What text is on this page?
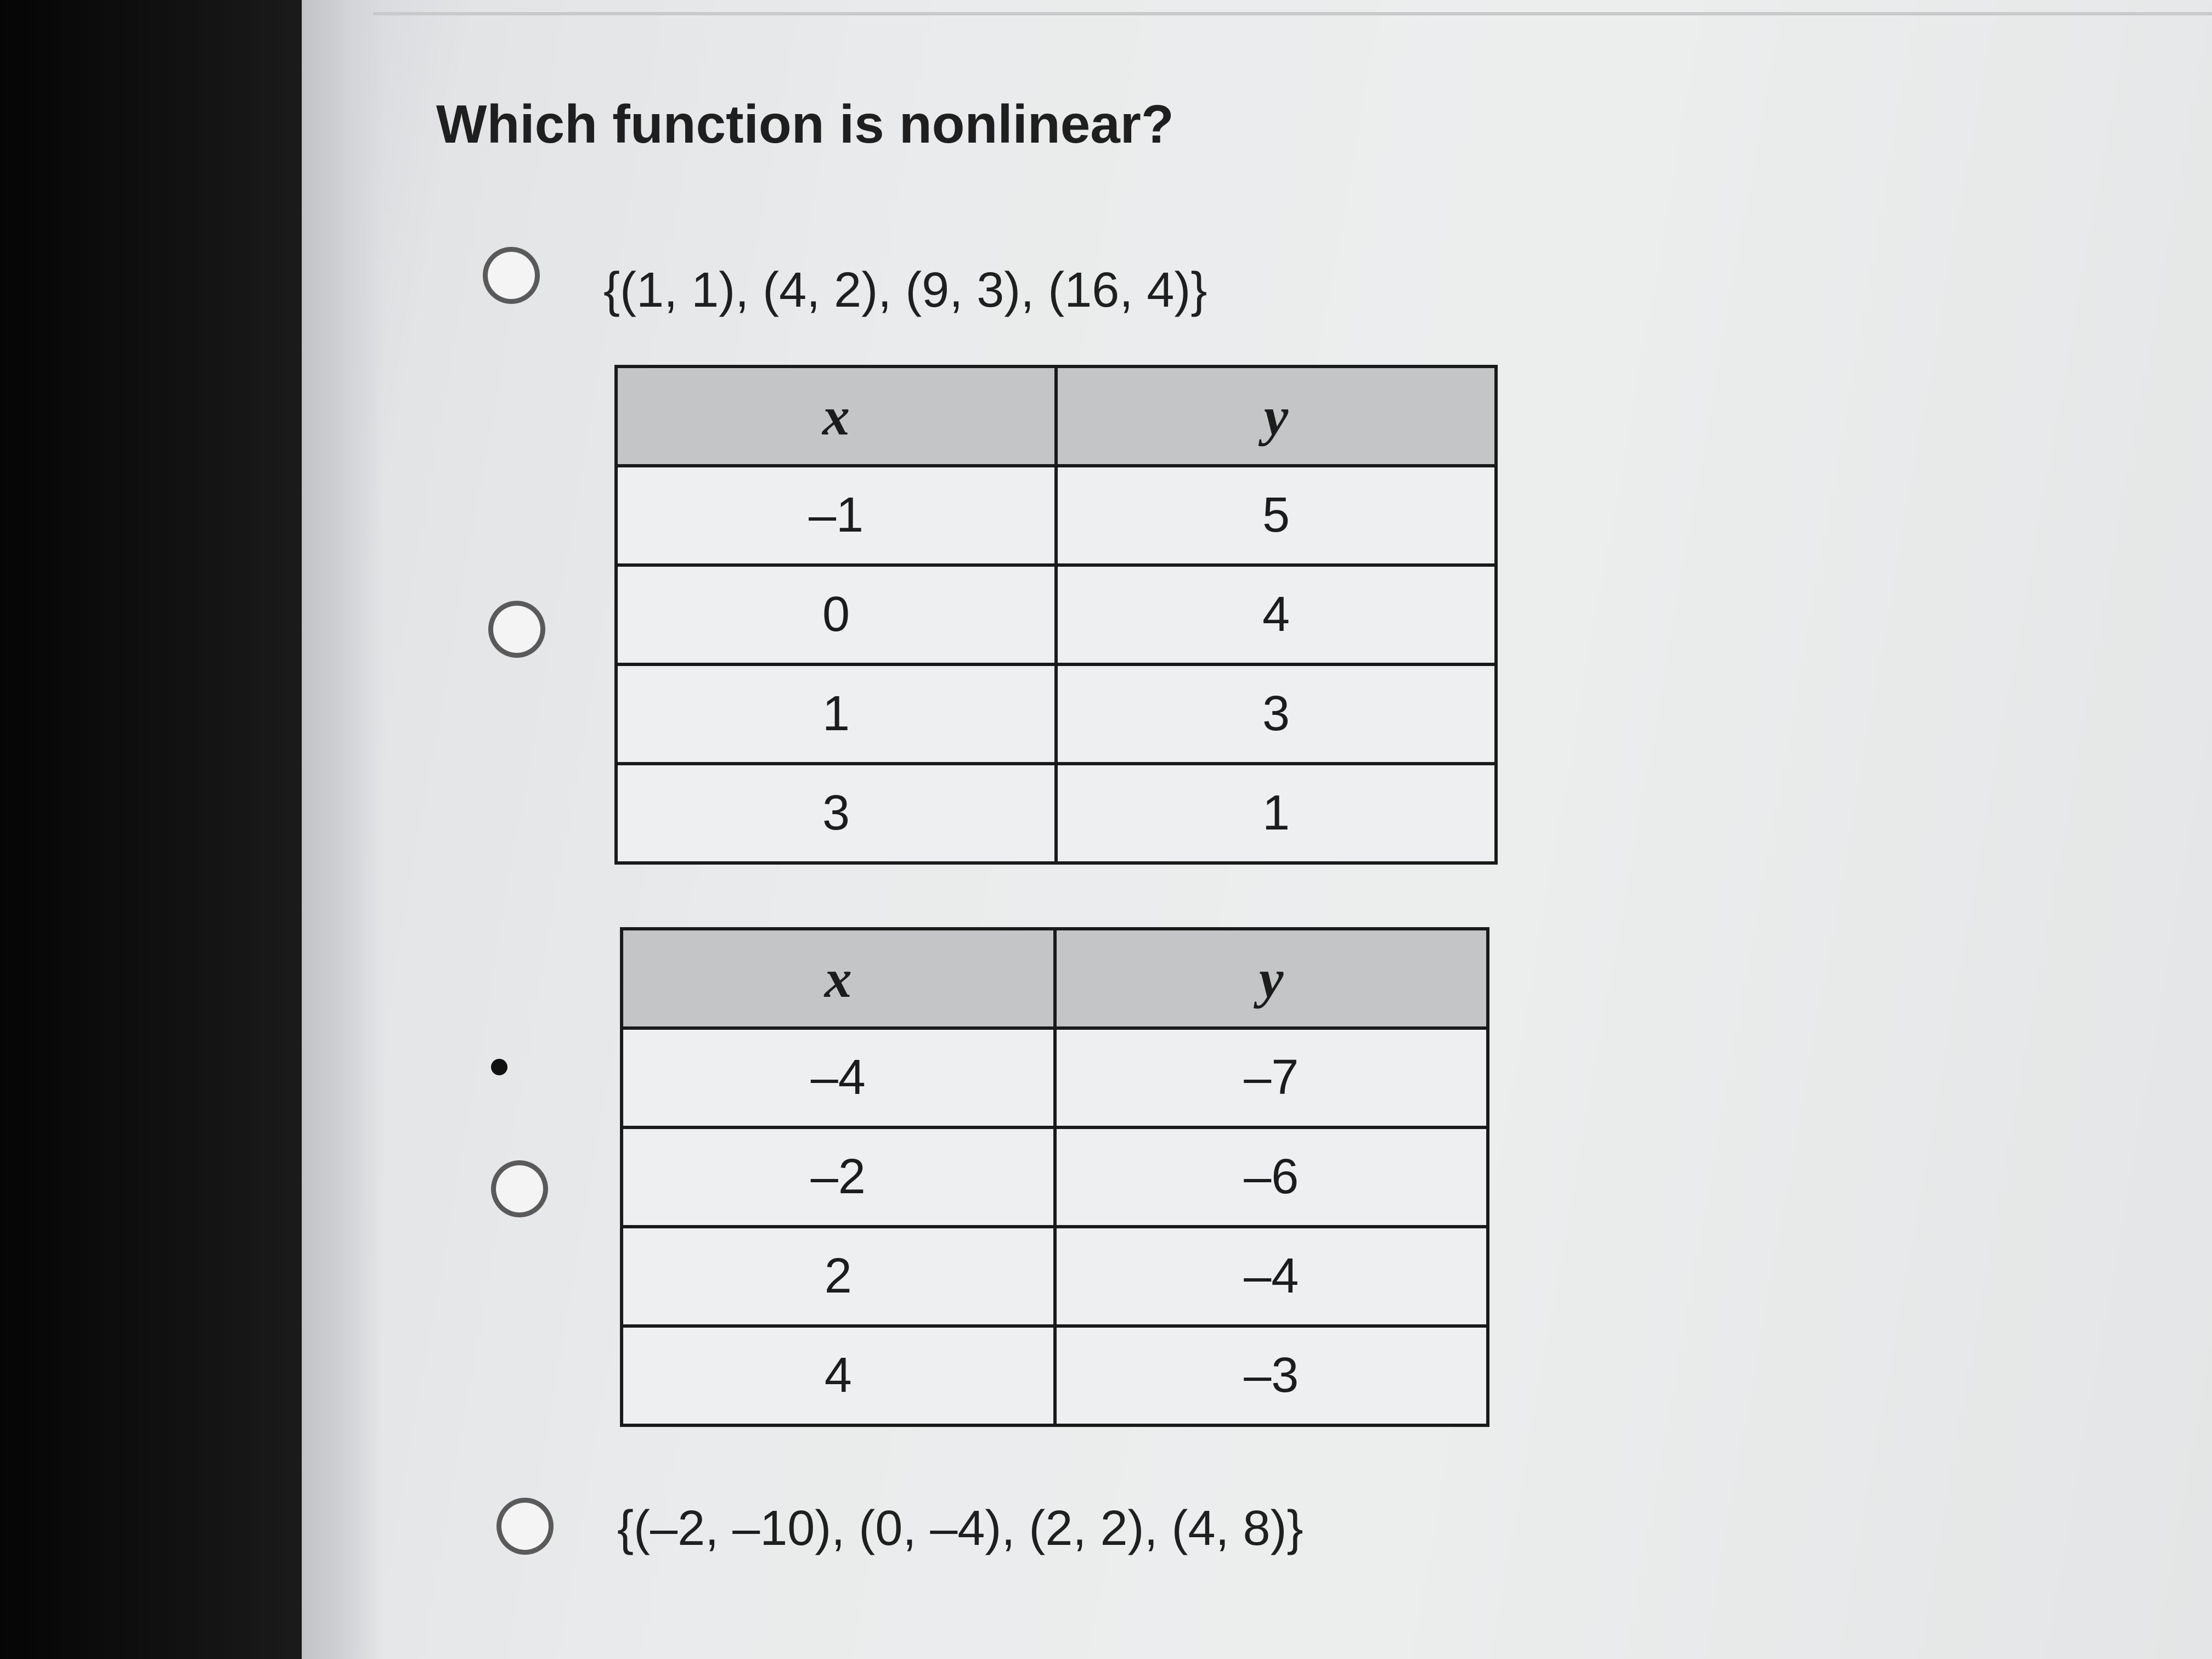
Which function is nonlinear?
{(1, 1), (4, 2), (9, 3), (16, 4)}
x	y
–1	5
0	4
1	3
3	1
x	y
–4	–7
–2	–6
2	–4
4	–3
{(–2, –10), (0, –4), (2, 2), (4, 8)}
